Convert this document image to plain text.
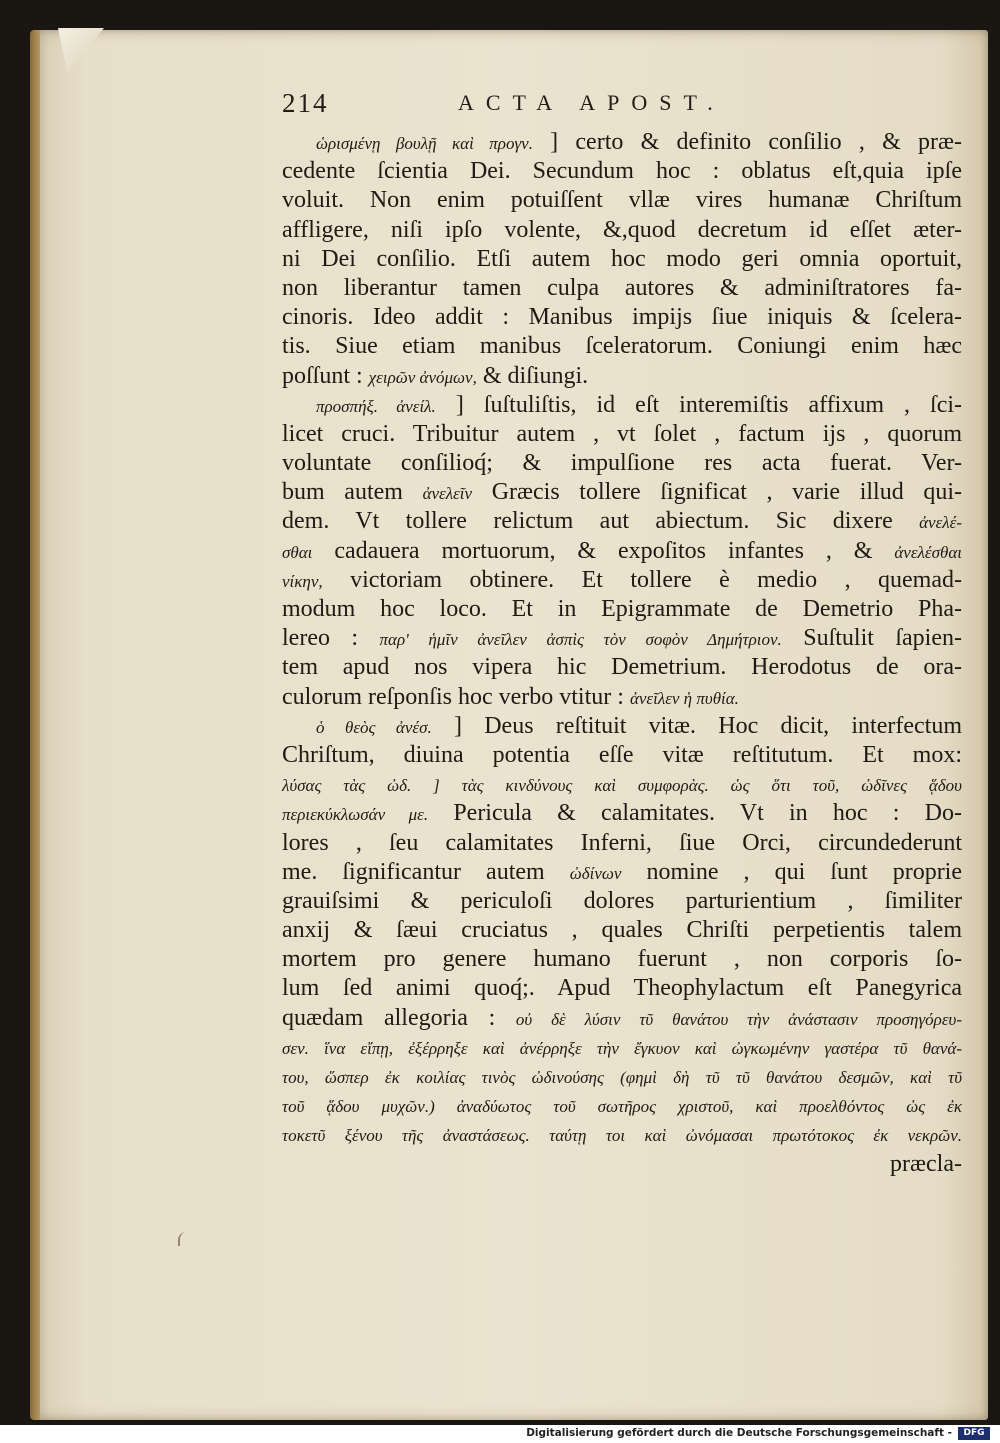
214	ACTA APOST.
ὡρισμένῃ βουλῇ καὶ προγν. ] certo & definito conſilio , & præ-
cedente ſcientia Dei. Secundum hoc : oblatus eſt,quia ipſe
voluit. Non enim potuiſſent vllæ vires humanæ Chriſtum
affligere, niſi ipſo volente, &,quod decretum id eſſet æter-
ni Dei conſilio. Etſi autem hoc modo geri omnia oportuit,
non liberantur tamen culpa autores & adminiſtratores fa-
cinoris. Ideo addit : Manibus impijs ſiue iniquis & ſcelera-
tis. Siue etiam manibus ſceleratorum. Coniungi enim hæc
poſſunt : χειρῶν ἀνόμων, & diſiungi.
προσπήξ. ἀνείλ. ] ſuſtuliſtis, id eſt interemiſtis affixum , ſci-
licet cruci. Tribuitur autem , vt ſolet , factum ijs , quorum
voluntate conſilioq́; & impulſione res acta fuerat. Ver-
bum autem ἀνελεῖν Græcis tollere ſignificat , varie illud qui-
dem. Vt tollere relictum aut abiectum. Sic dixere ἀνελέ-
σθαι cadauera mortuorum, & expoſitos infantes , & ἀνελέσθαι
νίκην, victoriam obtinere. Et tollere è medio , quemad-
modum hoc loco. Et in Epigrammate de Demetrio Pha-
lereo : παρ' ἡμῖν ἀνεῖλεν ἀσπὶς τὸν σοφὸν Δημήτριον. Suſtulit ſapien-
tem apud nos vipera hic Demetrium. Herodotus de ora-
culorum reſponſis hoc verbo vtitur : ἀνεῖλεν ἡ πυθία.
ὁ θεὸς ἀνέσ. ] Deus reſtituit vitæ. Hoc dicit, interfectum
Chriſtum, diuina potentia eſſe vitæ reſtitutum. Et mox:
λύσας τὰς ὠδ. ] τὰς κινδύνους καὶ συμφορὰς. ὡς ὅτι τοῦ, ὠδῖνες ᾅδου
περιεκύκλωσάν με. Pericula & calamitates. Vt in hoc : Do-
lores , ſeu calamitates Inferni, ſiue Orci, circundederunt
me. ſignificantur autem ὠδίνων nomine , qui ſunt proprie
grauiſsimi & periculoſi dolores parturientium , ſimiliter
anxij & ſæui cruciatus , quales Chriſti perpetientis talem
mortem pro genere humano fuerunt , non corporis ſo-
lum ſed animi quoq́;. Apud Theophylactum eſt Panegyrica
quædam allegoria : οὐ δὲ λύσιν τῦ θανάτου τὴν ἀνάστασιν προσηγόρευ-
σεν. ἵνα εἴπῃ, ἐξέρρηξε καὶ ἀνέρρηξε τὴν ἔγκυον καὶ ὠγκωμένην γαστέρα τῦ θανά-
του, ὥσπερ ἐκ κοιλίας τινὸς ὠδινούσης (φημὶ δὴ τῦ τῦ θανάτου δεσμῶν, καὶ τῦ
τοῦ ᾅδου μυχῶν.) ἀναδύωτος τοῦ σωτῆρος χριστοῦ, καὶ προελθόντος ὡς ἐκ
τοκετῦ ξένου τῆς ἀναστάσεως. ταύτῃ τοι καὶ ὠνόμασαι πρωτότοκος ἐκ νεκρῶν.
præcla-
Digitalisierung gefördert durch die Deutsche Forschungsgemeinschaft -	DFG
